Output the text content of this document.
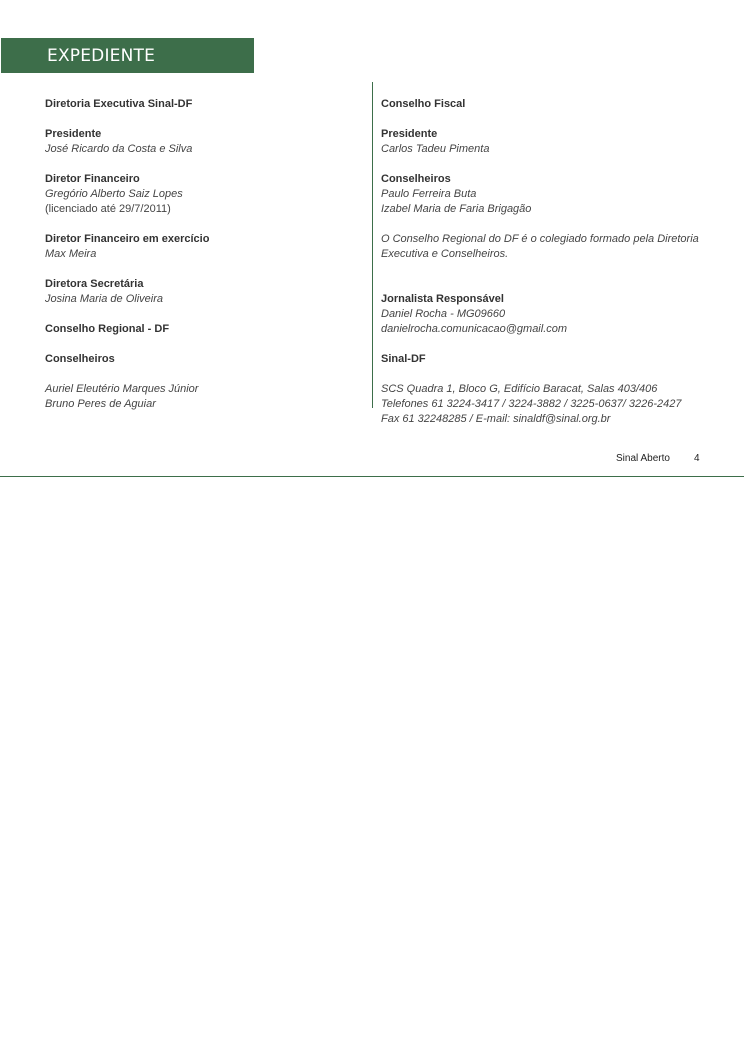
EXPEDIENTE
Diretoria Executiva Sinal-DF
Presidente
José Ricardo da Costa e Silva
Diretor Financeiro
Gregório Alberto Saiz Lopes
(licenciado até 29/7/2011)
Diretor Financeiro em exercício
Max Meira
Diretora Secretária
Josina Maria de Oliveira
Conselho Regional - DF
Conselheiros
Auriel Eleutério Marques Júnior
Bruno Peres de Aguiar
Conselho Fiscal
Presidente
Carlos Tadeu Pimenta
Conselheiros
Paulo Ferreira Buta
Izabel Maria de Faria Brigagão
O Conselho Regional do DF é o colegiado formado pela Diretoria
Executiva e Conselheiros.
Jornalista Responsável
Daniel Rocha - MG09660
danielrocha.comunicacao@gmail.com
Sinal-DF
SCS Quadra 1, Bloco G, Edifício Baracat, Salas 403/406
Telefones 61 3224-3417 / 3224-3882 / 3225-0637/ 3226-2427
Fax 61 32248285 / E-mail: sinaldf@sinal.org.br
Sinal Aberto 4
